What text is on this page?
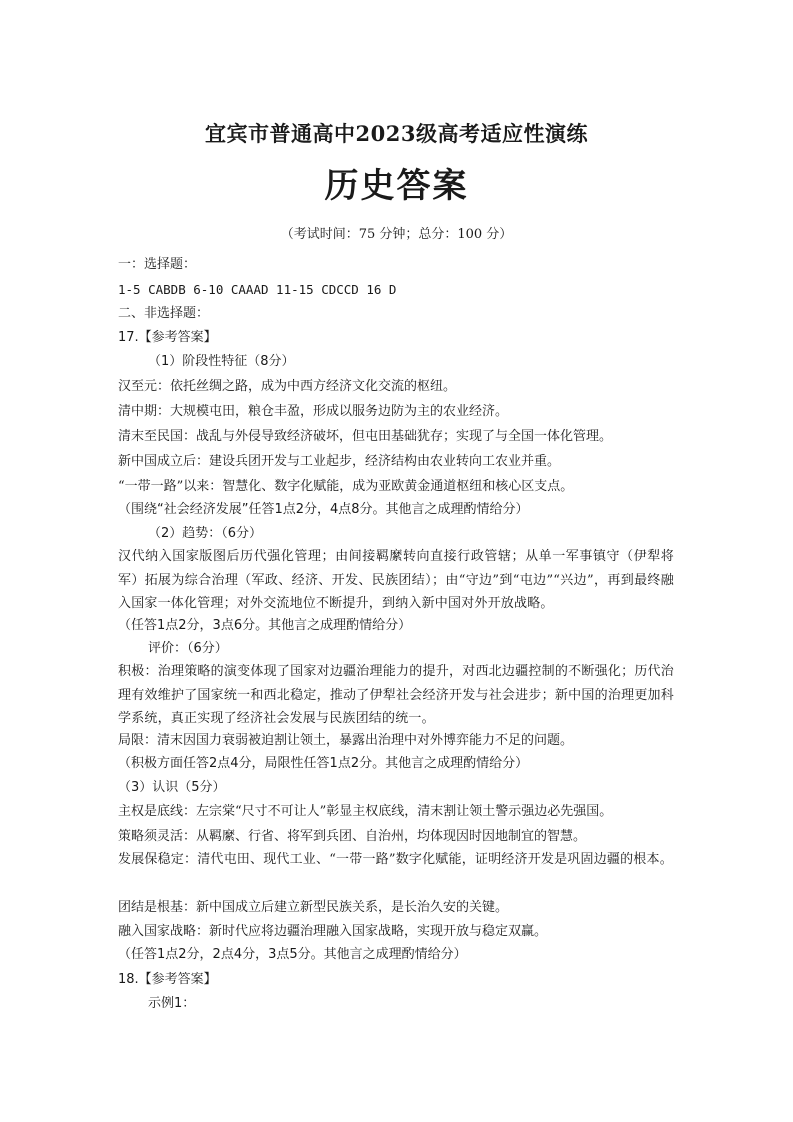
宜宾市普通高中2023级高考适应性演练
历史答案
（考试时间：75 分钟；总分：100 分）
一：选择题：
1-5 CABDB 6-10 CAAAD 11-15 CDCCD 16 D
二、非选择题：
17.【参考答案】
（1）阶段性特征（8分）
汉至元：依托丝绸之路，成为中西方经济文化交流的枢纽。
清中期：大规模屯田，粮仓丰盈，形成以服务边防为主的农业经济。
清末至民国：战乱与外侵导致经济破坏，但屯田基础犹存；实现了与全国一体化管理。
新中国成立后：建设兵团开发与工业起步，经济结构由农业转向工农业并重。
“一带一路”以来：智慧化、数字化赋能，成为亚欧黄金通道枢纽和核心区支点。
（围绕“社会经济发展”任答1点2分，4点8分。其他言之成理酌情给分）
（2）趋势：（6分）
汉代纳入国家版图后历代强化管理；由间接羁縻转向直接行政管辖；从单一军事镇守（伊犁将军）拓展为综合治理（军政、经济、开发、民族团结）；由“守边”到“屯边”“兴边”，再到最终融入国家一体化管理；对外交流地位不断提升，到纳入新中国对外开放战略。
（任答1点2分，3点6分。其他言之成理酌情给分）
评价：（6分）
积极：治理策略的演变体现了国家对边疆治理能力的提升，对西北边疆控制的不断强化；历代治理有效维护了国家统一和西北稳定，推动了伊犁社会经济开发与社会进步；新中国的治理更加科学系统，真正实现了经济社会发展与民族团结的统一。
局限：清末因国力衰弱被迫割让领土，暴露出治理中对外博弈能力不足的问题。
（积极方面任答2点4分，局限性任答1点2分。其他言之成理酌情给分）
（3）认识（5分）
主权是底线：左宗棠“尺寸不可让人”彰显主权底线，清末割让领土警示强边必先强国。
策略须灵活：从羁縻、行省、将军到兵团、自治州，均体现因时因地制宜的智慧。
发展保稳定：清代屯田、现代工业、“一带一路”数字化赋能，证明经济开发是巩固边疆的根本。
团结是根基：新中国成立后建立新型民族关系，是长治久安的关键。
融入国家战略：新时代应将边疆治理融入国家战略，实现开放与稳定双赢。
（任答1点2分，2点4分，3点5分。其他言之成理酌情给分）
18.【参考答案】
示例1：
